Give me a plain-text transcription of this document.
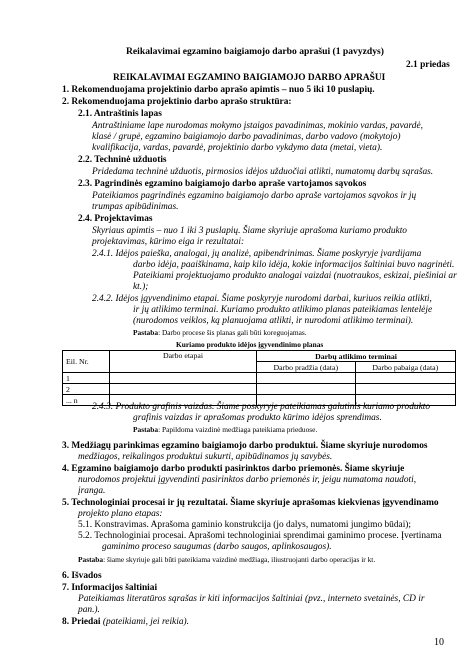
Reikalavimai egzamino baigiamojo darbo aprašui (1 pavyzdys)
2.1 priedas
REIKALAVIMAI EGZAMINO BAIGIAMOJO DARBO APRAŠUI
1. Rekomenduojama projektinio darbo aprašo apimtis – nuo 5 iki 10 puslapių.
2. Rekomenduojama projektinio darbo aprašo struktūra:
2.1. Antraštinis lapas
Antraštiniame lape nurodomas mokymo įstaigos pavadinimas, mokinio vardas, pavardė,
klasė / grupė, egzamino baigiamojo darbo pavadinimas, darbo vadovo (mokytojo)
kvalifikacija, vardas, pavardė, projektinio darbo vykdymo data (metai, vieta).
2.2. Techninė užduotis
Pridedama techninė užduotis, pirmosios idėjos užduočiai atlikti, numatomų darbų sąrašas.
2.3. Pagrindinės egzamino baigiamojo darbo apraše vartojamos sąvokos
Pateikiamos pagrindinės egzamino baigiamojo darbo apraše vartojamos sąvokos ir jų
trumpas apibūdinimas.
2.4. Projektavimas
Skyriaus apimtis – nuo 1 iki 3 puslapių. Šiame skyriuje aprašoma kuriamo produkto
projektavimas, kūrimo eiga ir rezultatai:
2.4.1. Idėjos paieška, analogai, jų analizė, apibendrinimas. Šiame poskyryje įvardijama
darbo idėja, paaiškinama, kaip kilo idėja, kokie informacijos šaltiniai buvo nagrinėti.
Pateikiami projektuojamo produkto analogai vaizdai (nuotraukos, eskizai, piešiniai ar
kt.);
2.4.2. Idėjos įgyvendinimo etapai. Šiame poskyryje nurodomi darbai, kuriuos reikia atlikti,
ir jų atlikimo terminai. Kuriamo produkto atlikimo planas pateikiamas lentelėje
(nurodomos veiklos, ką planuojama atlikti, ir nurodomi atlikimo terminai).
Pastaba: Darbo procese šis planas gali būti koreguojamas.
Kuriamo produkto idėjos įgyvendinimo planas
Eil. Nr.	Darbo etapai	Darbų atlikimo terminai	
		Darbo pradžia (data)	Darbo pabaiga (data)
1			
2			
... n			
2.4.3. Produkto grafinis vaizdas. Šiame poskyryje pateikiamas galutinis kuriamo produkto
grafinis vaizdas ir aprašomas produkto kūrimo idėjos sprendimas.
Pastaba: Papildoma vaizdinė medžiaga pateikiama prieduose.
3. Medžiagų parinkimas egzamino baigiamojo darbo produktui. Šiame skyriuje nurodomos
medžiagos, reikalingos produktui sukurti, apibūdinamos jų savybės.
4. Egzamino baigiamojo darbo produkti pasirinktos darbo priemonės. Šiame skyriuje
nurodomos projektui įgyvendinti pasirinktos darbo priemonės ir, jeigu numatoma naudoti,
įranga.
5. Technologiniai procesai ir jų rezultatai. Šiame skyriuje aprašomas kiekvienas įgyvendinamo
projekto plano etapas:
5.1. Konstravimas. Aprašoma gaminio konstrukcija (jo dalys, numatomi jungimo būdai);
5.2. Technologiniai procesai. Aprašomi technologiniai sprendimai gaminimo procese. Įvertinama
gaminimo proceso saugumas (darbo saugos, aplinkosaugos).
Pastaba: šiame skyriuje gali būti pateikiama vaizdinė medžiaga, iliustruojanti darbo operacijas ir kt.
6. Išvados
7. Informacijos šaltiniai
Pateikiamas literatūros sąrašas ir kiti informacijos šaltiniai (pvz., interneto svetainės, CD ir
pan.).
8. Priedai (pateikiami, jei reikia).
10
